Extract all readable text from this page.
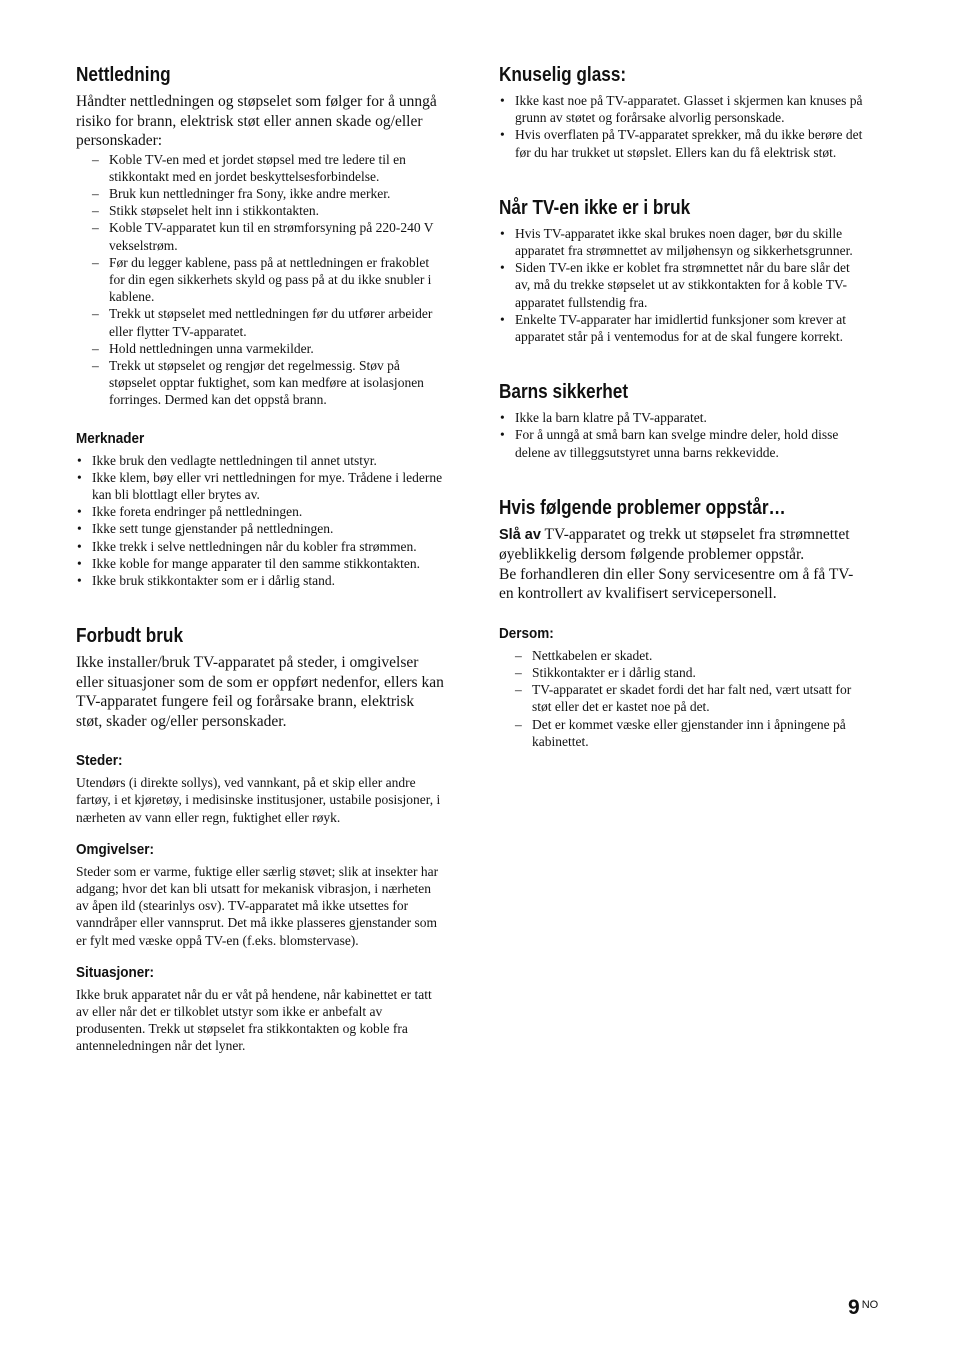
Nettledning

Håndter nettledningen og støpselet som følger for å unngå risiko for brann, elektrisk støt eller annen skade og/eller personskader:

– Koble TV-en med et jordet støpsel med tre ledere til en stikkontakt med en jordet beskyttelsesforbindelse.
– Bruk kun nettledninger fra Sony, ikke andre merker.
– Stikk støpselet helt inn i stikkontakten.
– Koble TV-apparatet kun til en strømforsyning på 220-240 V vekselstrøm.
– Før du legger kablene, pass på at nettledningen er frakoblet for din egen sikkerhets skyld og pass på at du ikke snubler i kablene.
– Trekk ut støpselet med nettledningen før du utfører arbeider eller flytter TV-apparatet.
– Hold nettledningen unna varmekilder.
– Trekk ut støpselet og rengjør det regelmessig. Støv på støpselet opptar fuktighet, som kan medføre at isolasjonen forringes. Dermed kan det oppstå brann.
Merknader
• Ikke bruk den vedlagte nettledningen til annet utstyr.
• Ikke klem, bøy eller vri nettledningen for mye. Trådene i lederne kan bli blottlagt eller brytes av.
• Ikke foreta endringer på nettledningen.
• Ikke sett tunge gjenstander på nettledningen.
• Ikke trekk i selve nettledningen når du kobler fra strømmen.
• Ikke koble for mange apparater til den samme stikkontakten.
• Ikke bruk stikkontakter som er i dårlig stand.
Forbudt bruk

Ikke installer/bruk TV-apparatet på steder, i omgivelser eller situasjoner som de som er oppført nedenfor, ellers kan TV-apparatet fungere feil og forårsake brann, elektrisk støt, skader og/eller personskader.

Steder:

Utendørs (i direkte sollys), ved vannkant, på et skip eller andre fartøy, i et kjøretøy, i medisinske institusjoner, ustabile posisjoner, i nærheten av vann eller regn, fuktighet eller røyk.

Omgivelser:

Steder som er varme, fuktige eller særlig støvet; slik at insekter har adgang; hvor det kan bli utsatt for mekanisk vibrasjon, i nærheten av åpen ild (stearinlys osv). TV-apparatet må ikke utsettes for vanndråper eller vannsprut. Det må ikke plasseres gjenstander som er fylt med væske oppå TV-en (f.eks. blomstervase).

Situasjoner:

Ikke bruk apparatet når du er våt på hendene, når kabinettet er tatt av eller når det er tilkoblet utstyr som ikke er anbefalt av produsenten. Trekk ut støpselet fra stikkontakten og koble fra antenneledningen når det lyner.

Knuselig glass:
• Ikke kast noe på TV-apparatet. Glasset i skjermen kan knuses på grunn av støtet og forårsake alvorlig personskade.
• Hvis overflaten på TV-apparatet sprekker, må du ikke berøre det før du har trukket ut støpslet. Ellers kan du få elektrisk støt.
Når TV-en ikke er i bruk
• Hvis TV-apparatet ikke skal brukes noen dager, bør du skille apparatet fra strømnettet av miljøhensyn og sikkerhetsgrunner.
• Siden TV-en ikke er koblet fra strømnettet når du bare slår det av, må du trekke støpselet ut av stikkontakten for å koble TV-apparatet fullstendig fra.
• Enkelte TV-apparater har imidlertid funksjoner som krever at apparatet står på i ventemodus for at de skal fungere korrekt.
Barns sikkerhet
• Ikke la barn klatre på TV-apparatet.
• For å unngå at små barn kan svelge mindre deler, hold disse delene av tilleggsutstyret unna barns rekkevidde.
Hvis følgende problemer oppstår…

Slå av TV-apparatet og trekk ut støpselet fra strømnettet øyeblikkelig dersom følgende problemer oppstår.

Be forhandleren din eller Sony servicesentre om å få TV-en kontrollert av kvalifisert servicepersonell.

Dersom:
– Nettkabelen er skadet.
– Stikkontakter er i dårlig stand.
– TV-apparatet er skadet fordi det har falt ned, vært utsatt for støt eller det er kastet noe på det.
– Det er kommet væske eller gjenstander inn i åpningene på kabinettet.
9 $^{NO}$
